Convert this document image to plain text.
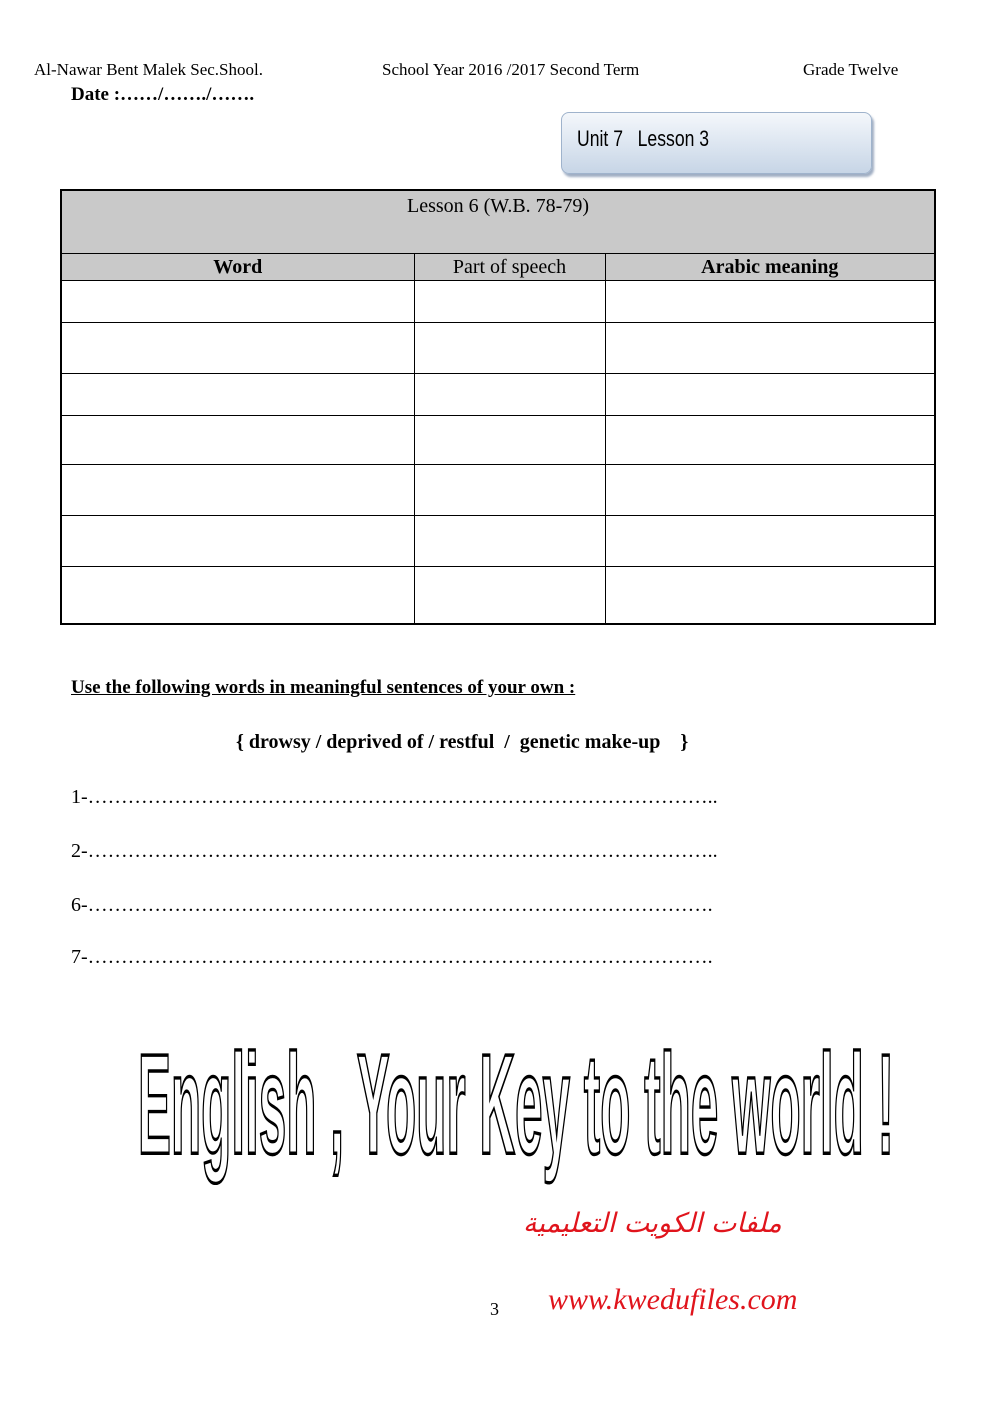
Al-Nawar Bent Malek Sec.Shool.	School Year 2016 /2017 Second Term	Grade Twelve
Date :……/……./…….
Unit 7   Lesson 3
Lesson 6 (W.B. 78-79)		
Word	Part of speech	Arabic meaning

Use the following words in meaningful sentences of your own :
{ drowsy / deprived of / restful  /  genetic make-up    }
1-…………………………………………………………………………………..
2-…………………………………………………………………………………..
6-………………………………………………………………………………….
7-………………………………………………………………………………….
English , Your Key to the world !
ملفات الكويت التعليمية
3 www.kwedufiles.com
